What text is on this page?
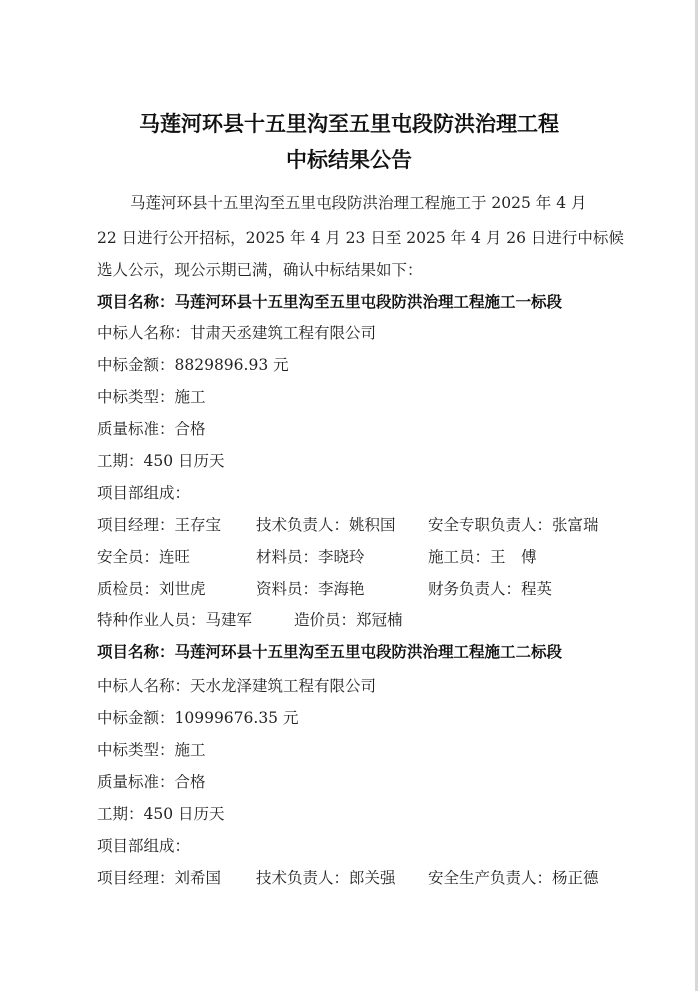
马莲河环县十五里沟至五里屯段防洪治理工程
中标结果公告
马莲河环县十五里沟至五里屯段防洪治理工程施工于 2025 年 4 月
22 日进行公开招标，2025 年 4 月 23 日至 2025 年 4 月 26 日进行中标候
选人公示，现公示期已满，确认中标结果如下：
项目名称：马莲河环县十五里沟至五里屯段防洪治理工程施工一标段
中标人名称：甘肃天丞建筑工程有限公司
中标金额：8829896.93 元
中标类型：施工
质量标准：合格
工期：450 日历天
项目部组成：
项目经理：王存宝 技术负责人：姚积国 安全专职负责人：张富瑞
安全员：连旺	材料员：李晓玲	施工员：王　傅
质检员：刘世虎	资料员：李海艳	财务负责人：程英
特种作业人员：马建军	造价员：郑冠楠
项目名称：马莲河环县十五里沟至五里屯段防洪治理工程施工二标段
中标人名称：天水龙泽建筑工程有限公司
中标金额：10999676.35 元
中标类型：施工
质量标准：合格
工期：450 日历天
项目部组成：
项目经理：刘希国 技术负责人：郎关强 安全生产负责人：杨正德
